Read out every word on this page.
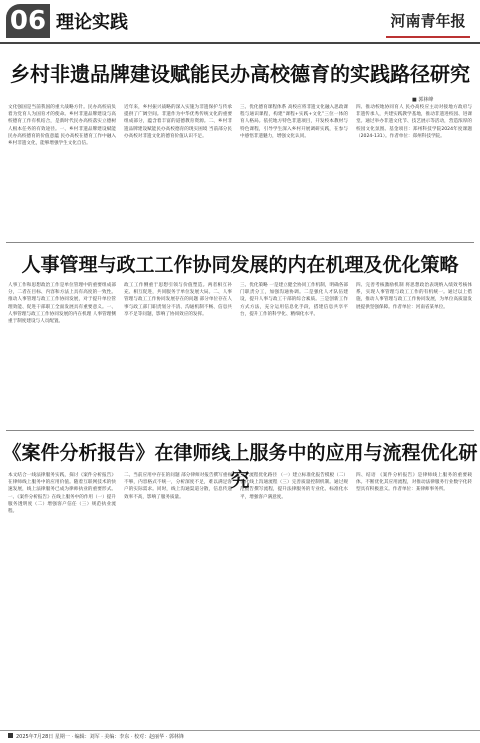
06 理论实践	河南青年报
乡村非遗品牌建设赋能民办高校德育的实践路径研究
■ 郭林峰
文化强国是当前我国的重大战略方针。民办高校肩负着为党育人为国育才的使命。乡村非遗品牌建设与高校德育工作有机结合，是新时代民办高校落实立德树人根本任务的有效途径。一、乡村非遗品牌建设赋能民办高校德育的价值意蕴 民办高校在德育工作中融入乡村非遗文化，能够增强学生文化自信。
近年来，乡村振兴战略的深入实施为非遗保护与传承提供了广阔空间。非遗作为中华优秀传统文化的重要组成部分，蕴含着丰富的道德教育资源。二、乡村非遗品牌建设赋能民办高校德育的现实困境 当前部分民办高校对非遗文化的德育价值认识不足。
三、优化德育课程体系 高校应将非遗文化融入思政课程与通识课程，构建“课程+实践+文化”三位一体的育人格局。依托地方特色非遗项目，开发校本教材与特色课程，引导学生深入乡村开展调研实践，在参与中感悟非遗魅力，增强文化认同。
四、推动校地协同育人 民办高校应主动对接地方政府与非遗传承人，共建实践教学基地，推动非遗进校园、进课堂。通过举办非遗文化节、技艺展示等活动，营造浓厚的校园文化氛围。基金项目：郑州科技学院2024年度课题（2024-131）。作者单位：郑州科技学院。
人事管理与政工工作协同发展的内在机理及优化策略
人事工作和思想政治工作是单位管理中的重要组成部分，二者在目标、内容和方法上具有高度的一致性。推动人事管理与政工工作协同发展，对于提升单位管理效能、促进干部职工全面发展具有重要意义。一、人事管理与政工工作协同发展的内在机理 人事管理侧重于制度建设与人员配置。
政工工作侧重于思想引领与价值塑造。两者相互补充、相互促进，共同服务于单位发展大局。二、人事管理与政工工作协同发展存在的问题 部分单位存在人事与政工部门职责划分不清、沟通机制不畅、信息共享不足等问题，影响了协同效应的发挥。
三、优化策略 一是建立健全协同工作机制，明确各部门职责分工，加强沟通协调。二是强化人才队伍建设，提升人事与政工干部的综合素质。三是创新工作方式方法，充分运用信息化手段，搭建信息共享平台，提升工作的科学化、精细化水平。
四、完善考核激励机制 将思想政治表现纳入绩效考核体系，实现人事管理与政工工作的有机统一。通过以上措施，推动人事管理与政工工作协同发展，为单位高质量发展提供坚强保障。作者单位：河南省某单位。
《案件分析报告》在律师线上服务中的应用与流程优化研究
本文结合一线法律服务实践，探讨《案件分析报告》在律师线上服务中的应用价值。随着互联网技术的快速发展，线上法律服务已成为律师执业的重要形式。一、《案件分析报告》在线上服务中的作用（一）提升服务透明度（二）增强客户信任（三）规范执业流程。
二、当前应用中存在的问题 部分律师对报告撰写重视不够，内容格式不统一，分析深度不足，难以满足客户的实际需求。同时，线上沟通渠道分散，信息传递效率不高，影响了服务质量。
三、流程优化路径 （一）建立标准化报告模板（二）优化线上沟通流程（三）完善质量控制机制。通过规范报告撰写流程，提升法律服务的专业化、标准化水平，增强客户满意度。
四、结语 《案件分析报告》是律师线上服务的重要载体。不断优化其应用流程，对推动法律服务行业数字化转型具有积极意义。作者单位：某律师事务所。
2025年7月28日 星期一 · 编辑：刘军 · 美编：李东 · 校对：赵丽华 · 郭林锋
